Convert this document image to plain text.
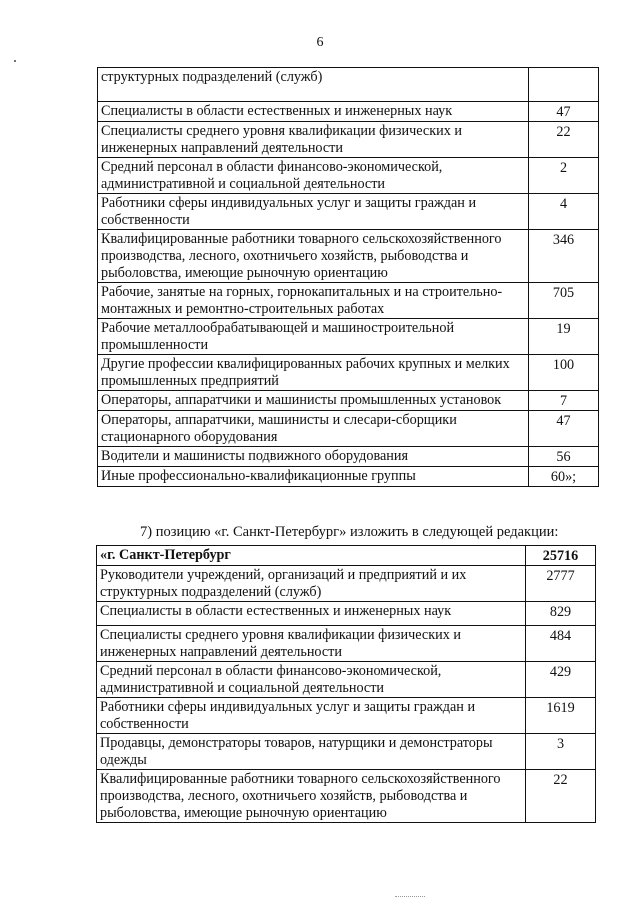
6
структурных подразделений (служб)	
Специалисты в области естественных и инженерных наук	47
Специалисты среднего уровня квалификации физических и инженерных направлений деятельности	22
Средний персонал в области финансово-экономической, административной и социальной деятельности	2
Работники сферы индивидуальных услуг и защиты граждан и собственности	4
Квалифицированные работники товарного сельскохозяйственного производства, лесного, охотничьего хозяйств, рыбоводства и рыболовства, имеющие рыночную ориентацию	346
Рабочие, занятые на горных, горнокапитальных и на строительно-монтажных и ремонтно-строительных работах	705
Рабочие металлообрабатывающей и машиностроительной промышленности	19
Другие профессии квалифицированных рабочих крупных и мелких промышленных предприятий	100
Операторы, аппаратчики и машинисты промышленных установок	7
Операторы, аппаратчики, машинисты и слесари-сборщики стационарного оборудования	47
Водители и машинисты подвижного оборудования	56
Иные профессионально-квалификационные группы	60»;
7) позицию «г. Санкт-Петербург» изложить в следующей редакции:
«г. Санкт-Петербург	25716
Руководители учреждений, организаций и предприятий и их структурных подразделений (служб)	2777
Специалисты в области естественных и инженерных наук	829
Специалисты среднего уровня квалификации физических и инженерных направлений деятельности	484
Средний персонал в области финансово-экономической, административной и социальной деятельности	429
Работники сферы индивидуальных услуг и защиты граждан и собственности	1619
Продавцы, демонстраторы товаров, натурщики и демонстраторы одежды	3
Квалифицированные работники товарного сельскохозяйственного производства, лесного, охотничьего хозяйств, рыбоводства и рыболовства, имеющие рыночную ориентацию	22
